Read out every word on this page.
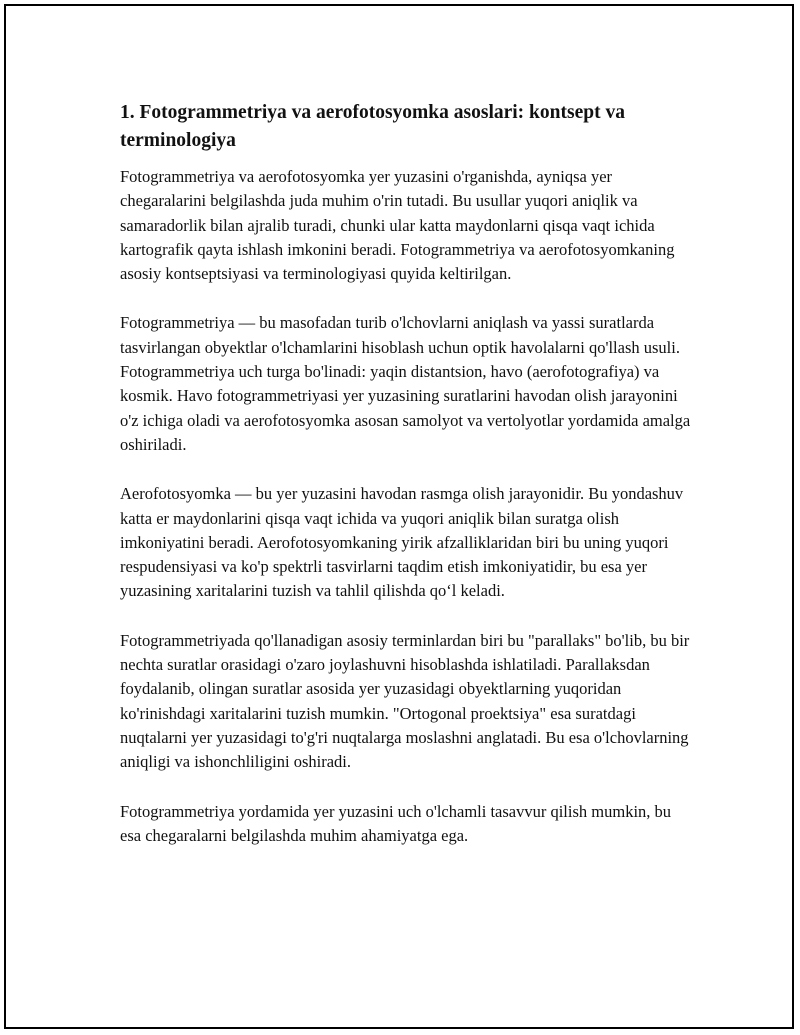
1. Fotogrammetriya va aerofotosyomka asoslari: kontsept va terminologiya

Fotogrammetriya va aerofotosyomka yer yuzasini o'rganishda, ayniqsa yer chegaralarini belgilashda juda muhim o'rin tutadi. Bu usullar yuqori aniqlik va samaradorlik bilan ajralib turadi, chunki ular katta maydonlarni qisqa vaqt ichida kartografik qayta ishlash imkonini beradi. Fotogrammetriya va aerofotosyomkaning asosiy kontseptsiyasi va terminologiyasi quyida keltirilgan.

Fotogrammetriya — bu masofadan turib o'lchovlarni aniqlash va yassi suratlarda tasvirlangan obyektlar o'lchamlarini hisoblash uchun optik havolalarni qo'llash usuli. Fotogrammetriya uch turga bo'linadi: yaqin distantsion, havo (aerofotografiya) va kosmik. Havo fotogrammetriyasi yer yuzasining suratlarini havodan olish jarayonini o'z ichiga oladi va aerofotosyomka asosan samolyot va vertolyotlar yordamida amalga oshiriladi.

Aerofotosyomka — bu yer yuzasini havodan rasmga olish jarayonidir. Bu yondashuv katta er maydonlarini qisqa vaqt ichida va yuqori aniqlik bilan suratga olish imkoniyatini beradi. Aerofotosyomkaning yirik afzalliklaridan biri bu uning yuqori respudensiyasi va ko'p spektrli tasvirlarni taqdim etish imkoniyatidir, bu esa yer yuzasining xaritalarini tuzish va tahlil qilishda qo‘l keladi.

Fotogrammetriyada qo'llanadigan asosiy terminlardan biri bu "parallaks" bo'lib, bu bir nechta suratlar orasidagi o'zaro joylashuvni hisoblashda ishlatiladi. Parallaksdan foydalanib, olingan suratlar asosida yer yuzasidagi obyektlarning yuqoridan ko'rinishdagi xaritalarini tuzish mumkin. "Ortogonal proektsiya" esa suratdagi nuqtalarni yer yuzasidagi to'g'ri nuqtalarga moslashni anglatadi. Bu esa o'lchovlarning aniqligi va ishonchliligini oshiradi.

Fotogrammetriya yordamida yer yuzasini uch o'lchamli tasavvur qilish mumkin, bu esa chegaralarni belgilashda muhim ahamiyatga ega.
